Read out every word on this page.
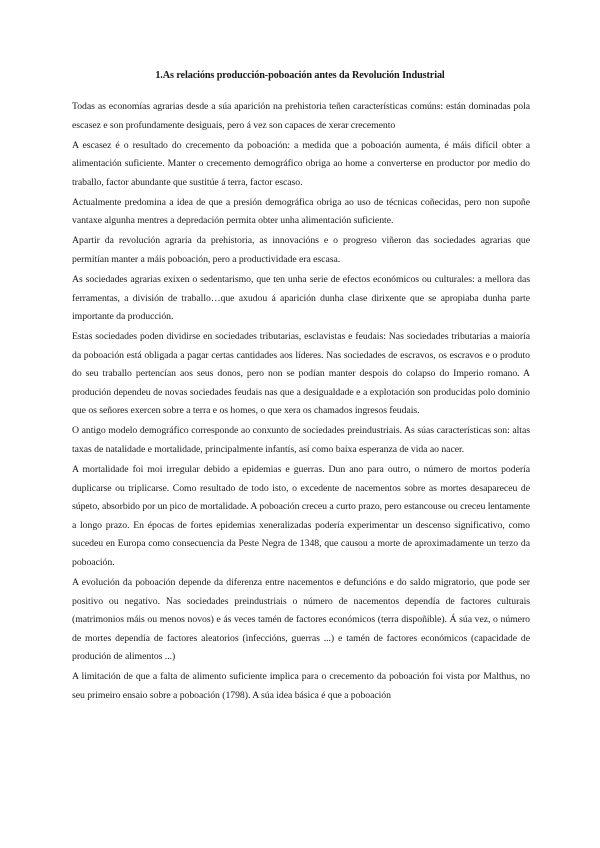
1.As relacións producción-poboación antes da Revolución Industrial

Todas as economías agrarias desde a súa aparición na prehistoria teñen características comúns: están dominadas pola escasez e son profundamente desiguais, pero á vez son capaces de xerar crecemento

A escasez é o resultado do crecemento da poboación: a medida que a poboación aumenta, é máis difícil obter a alimentación suficiente. Manter o crecemento demográfico obriga ao home a converterse en productor por medio do traballo, factor abundante que sustitúe á terra, factor escaso.

Actualmente predomina a idea de que a presión demográfica obriga ao uso de técnicas coñecidas, pero non supoñe vantaxe algunha mentres a depredación permita obter unha alimentación suficiente.

Apartir da revolución agraria da prehistoria, as innovacións e o progreso viñeron das sociedades agrarias que permitían manter a máis poboación, pero a productividade era escasa.

As sociedades agrarias exixen o sedentarismo, que ten unha serie de efectos económicos ou culturales: a mellora das ferramentas, a división de traballo…que axudou á aparición dunha clase dirixente que se apropiaba dunha parte importante da producción.

Estas sociedades poden dividirse en sociedades tributarias, esclavistas e feudais: Nas sociedades tributarias a maioría da poboación está obligada a pagar certas cantidades aos líderes. Nas sociedades de escravos, os escravos e o produto do seu traballo pertencían aos seus donos, pero non se podían manter despois do colapso do Imperio romano. A produción dependeu de novas sociedades feudais nas que a desigualdade e a explotación son producidas polo dominio que os señores exercen sobre a terra e os homes, o que xera os chamados ingresos feudais.

O antigo modelo demográfico corresponde ao conxunto de sociedades preindustriais. As súas características son: altas taxas de natalidade e mortalidade, principalmente infantís, así como baixa esperanza de vida ao nacer.

A mortalidade foi moi irregular debido a epidemias e guerras. Dun ano para outro, o número de mortos podería duplicarse ou triplicarse. Como resultado de todo isto, o excedente de nacementos sobre as mortes desapareceu de súpeto, absorbido por un pico de mortalidade. A poboación creceu a curto prazo, pero estancouse ou creceu lentamente a longo prazo. En épocas de fortes epidemias xeneralizadas podería experimentar un descenso significativo, como sucedeu en Europa como consecuencia da Peste Negra de 1348, que causou a morte de aproximadamente un terzo da poboación.

A evolución da poboación depende da diferenza entre nacementos e defuncións e do saldo migratorio, que pode ser positivo ou negativo. Nas sociedades preindustriais o número de nacementos dependía de factores culturais (matrimonios máis ou menos novos) e ás veces tamén de factores económicos (terra dispoñible). Á súa vez, o número de mortes dependía de factores aleatorios (infeccións, guerras ...) e tamén de factores económicos (capacidade de produción de alimentos ...)

A limitación de que a falta de alimento suficiente implica para o crecemento da poboación foi vista por Malthus, no seu primeiro ensaio sobre a poboación (1798). A súa idea básica é que a poboación
